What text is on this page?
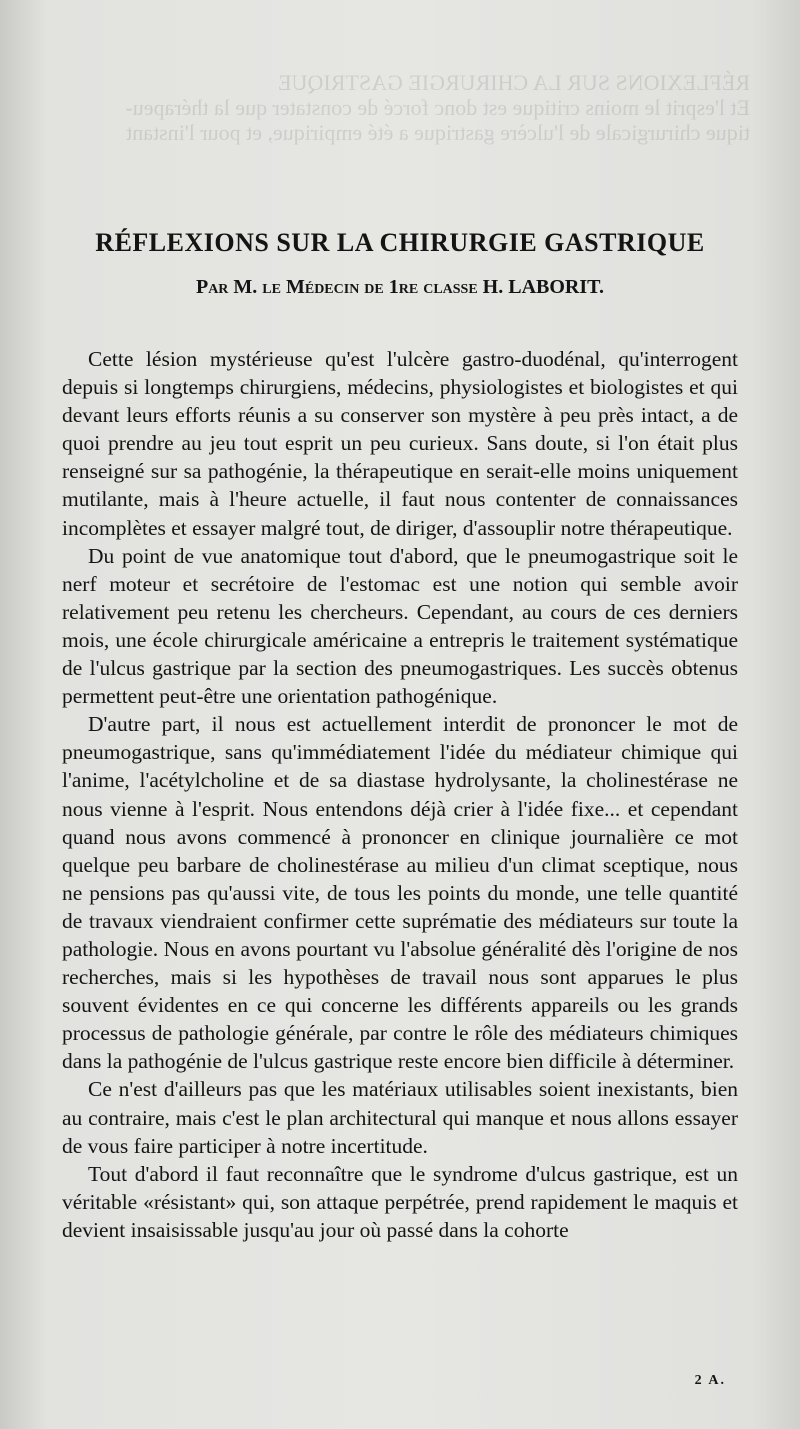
RÉFLEXIONS SUR LA CHIRURGIE GASTRIQUE
Et l'esprit le moins critique est donc forcé de constater que la thérapeu-
tique chirurgicale de l'ulcère gastrique a été empirique, et pour l'instant
RÉFLEXIONS SUR LA CHIRURGIE GASTRIQUE
Par M. le Médecin de 1re classe H. LABORIT.

Cette lésion mystérieuse qu'est l'ulcère gastro-duodénal, qu'interrogent depuis si longtemps chirurgiens, médecins, physiologistes et biologistes et qui devant leurs efforts réunis a su conserver son mystère à peu près intact, a de quoi prendre au jeu tout esprit un peu curieux. Sans doute, si l'on était plus renseigné sur sa pathogénie, la thérapeutique en serait-elle moins uniquement mutilante, mais à l'heure actuelle, il faut nous contenter de connaissances incomplètes et essayer malgré tout, de diriger, d'assouplir notre thérapeutique.

Du point de vue anatomique tout d'abord, que le pneumogastrique soit le nerf moteur et secrétoire de l'estomac est une notion qui semble avoir relativement peu retenu les chercheurs. Cependant, au cours de ces derniers mois, une école chirurgicale américaine a entrepris le traitement systématique de l'ulcus gastrique par la section des pneumogastriques. Les succès obtenus permettent peut-être une orientation pathogénique.

D'autre part, il nous est actuellement interdit de prononcer le mot de pneumogastrique, sans qu'immédiatement l'idée du médiateur chimique qui l'anime, l'acétylcholine et de sa diastase hydrolysante, la cholinestérase ne nous vienne à l'esprit. Nous entendons déjà crier à l'idée fixe... et cependant quand nous avons commencé à prononcer en clinique journalière ce mot quelque peu barbare de cholinestérase au milieu d'un climat sceptique, nous ne pensions pas qu'aussi vite, de tous les points du monde, une telle quantité de travaux viendraient confirmer cette suprématie des médiateurs sur toute la pathologie. Nous en avons pourtant vu l'absolue généralité dès l'origine de nos recherches, mais si les hypothèses de travail nous sont apparues le plus souvent évidentes en ce qui concerne les différents appareils ou les grands processus de pathologie générale, par contre le rôle des médiateurs chimiques dans la pathogénie de l'ulcus gastrique reste encore bien difficile à déterminer.

Ce n'est d'ailleurs pas que les matériaux utilisables soient inexistants, bien au contraire, mais c'est le plan architectural qui manque et nous allons essayer de vous faire participer à notre incertitude.

Tout d'abord il faut reconnaître que le syndrome d'ulcus gastrique, est un véritable «résistant» qui, son attaque perpétrée, prend rapidement le maquis et devient insaisissable jusqu'au jour où passé dans la cohorte

2 A.
